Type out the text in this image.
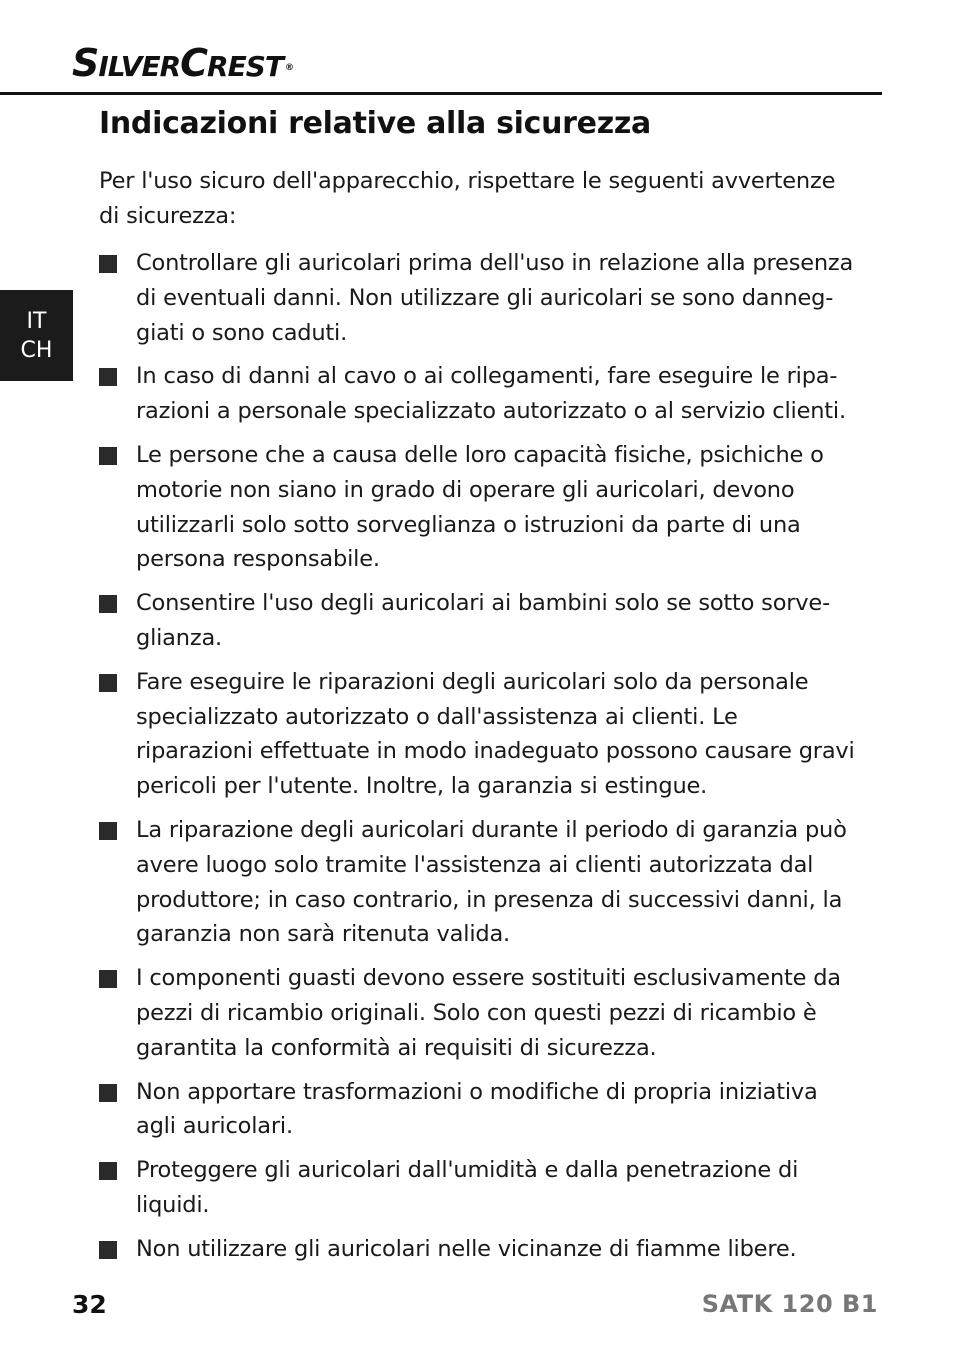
SILVERCREST ®
IT
CH
Indicazioni relative alla sicurezza

Per l'uso sicuro dell'apparecchio, rispettare le seguenti avvertenze di sicurezza:

Controllare gli auricolari prima dell'uso in relazione alla presenza di eventuali danni. Non utilizzare gli auricolari se sono danneg-giati o sono caduti.
In caso di danni al cavo o ai collegamenti, fare eseguire le ripa-razioni a personale specializzato autorizzato o al servizio clienti.
Le persone che a causa delle loro capacità fisiche, psichiche o motorie non siano in grado di operare gli auricolari, devono utilizzarli solo sotto sorveglianza o istruzioni da parte di una persona responsabile.
Consentire l'uso degli auricolari ai bambini solo se sotto sorve-glianza.
Fare eseguire le riparazioni degli auricolari solo da personale specializzato autorizzato o dall'assistenza ai clienti. Le riparazioni effettuate in modo inadeguato possono causare gravi pericoli per l'utente. Inoltre, la garanzia si estingue.
La riparazione degli auricolari durante il periodo di garanzia può avere luogo solo tramite l'assistenza ai clienti autorizzata dal produttore; in caso contrario, in presenza di successivi danni, la garanzia non sarà ritenuta valida.
I componenti guasti devono essere sostituiti esclusivamente da pezzi di ricambio originali. Solo con questi pezzi di ricambio è garantita la conformità ai requisiti di sicurezza.
Non apportare trasformazioni o modifiche di propria iniziativa agli auricolari.
Proteggere gli auricolari dall'umidità e dalla penetrazione di liquidi.
Non utilizzare gli auricolari nelle vicinanze di fiamme libere.
32	SATK 120 B1
